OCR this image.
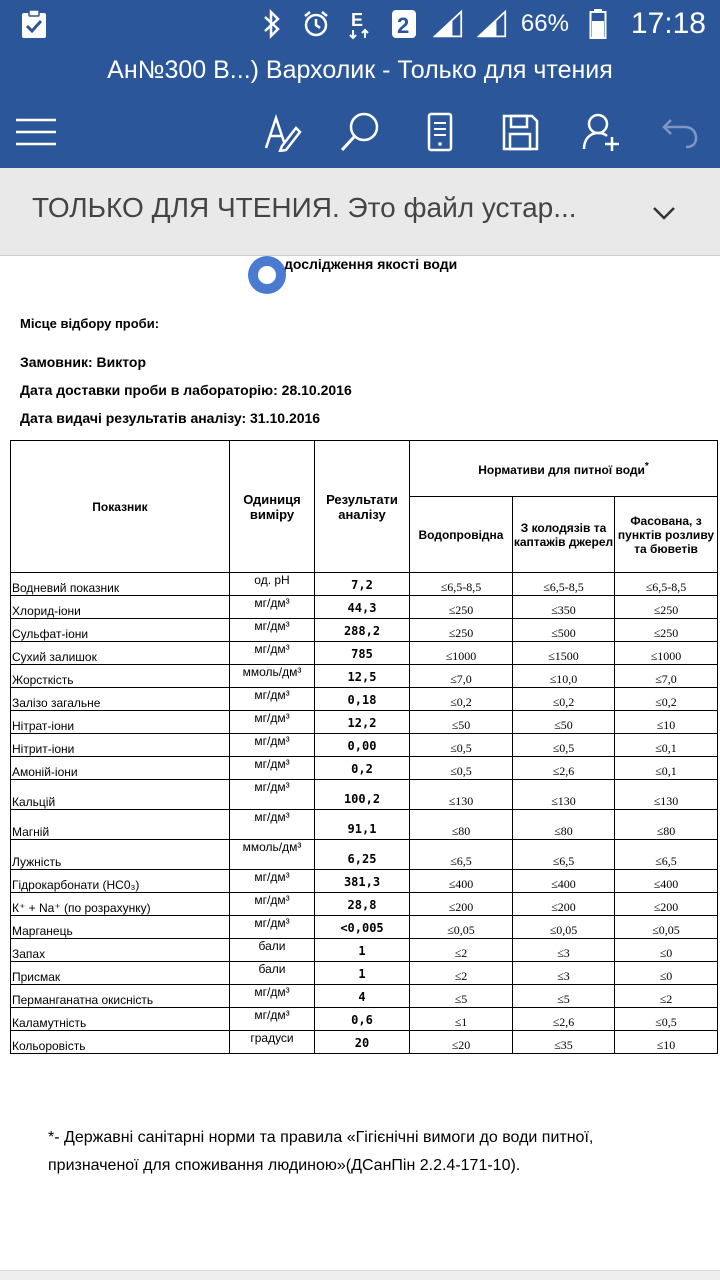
E 2	66% 17:18
Ан№300 В...) Вархолик - Только для чтения
ТОЛЬКО ДЛЯ ЧТЕНИЯ. Это файл устар...
дослідження якості води
Місце відбору проби:
Замовник: Виктор
Дата доставки проби в лабораторію: 28.10.2016
Дата видачі результатів аналізу: 31.10.2016
Показник	Одиниця виміру	Результати аналізу	Нормативи для питної води*
			Водопровідна	З колодязів та каптажів джерел	Фасована, з пунктів розливу та бюветів
Водневий показник	од. рН	7,2	≤6,5-8,5	≤6,5-8,5	≤6,5-8,5
Хлорид-іони	мг/дм³	44,3	≤250	≤350	≤250
Сульфат-іони	мг/дм³	288,2	≤250	≤500	≤250
Сухий залишок	мг/дм³	785	≤1000	≤1500	≤1000
Жорсткість	ммоль/дм³	12,5	≤7,0	≤10,0	≤7,0
Залізо загальне	мг/дм³	0,18	≤0,2	≤0,2	≤0,2
Нітрат-іони	мг/дм³	12,2	≤50	≤50	≤10
Нітрит-іони	мг/дм³	0,00	≤0,5	≤0,5	≤0,1
Амоній-іони	мг/дм³	0,2	≤0,5	≤2,6	≤0,1
Кальцій	мг/дм³	100,2	≤130	≤130	≤130
Магній	мг/дм³	91,1	≤80	≤80	≤80
Лужність	ммоль/дм³	6,25	≤6,5	≤6,5	≤6,5
Гідрокарбонати (НС0₃)	мг/дм³	381,3	≤400	≤400	≤400
К⁺ + Na⁺ (по розрахунку)	мг/дм³	28,8	≤200	≤200	≤200
Марганець	мг/дм³	<0,005	≤0,05	≤0,05	≤0,05
Запах	бали	1	≤2	≤3	≤0
Присмак	бали	1	≤2	≤3	≤0
Перманганатна окисність	мг/дм³	4	≤5	≤5	≤2
Каламутність	мг/дм³	0,6	≤1	≤2,6	≤0,5
Кольоровість	градуси	20	≤20	≤35	≤10
*- Державні санітарні норми та правила «Гігієнічні вимоги до води питної, призначеної для споживання людиною»(ДСанПін 2.2.4-171-10).
